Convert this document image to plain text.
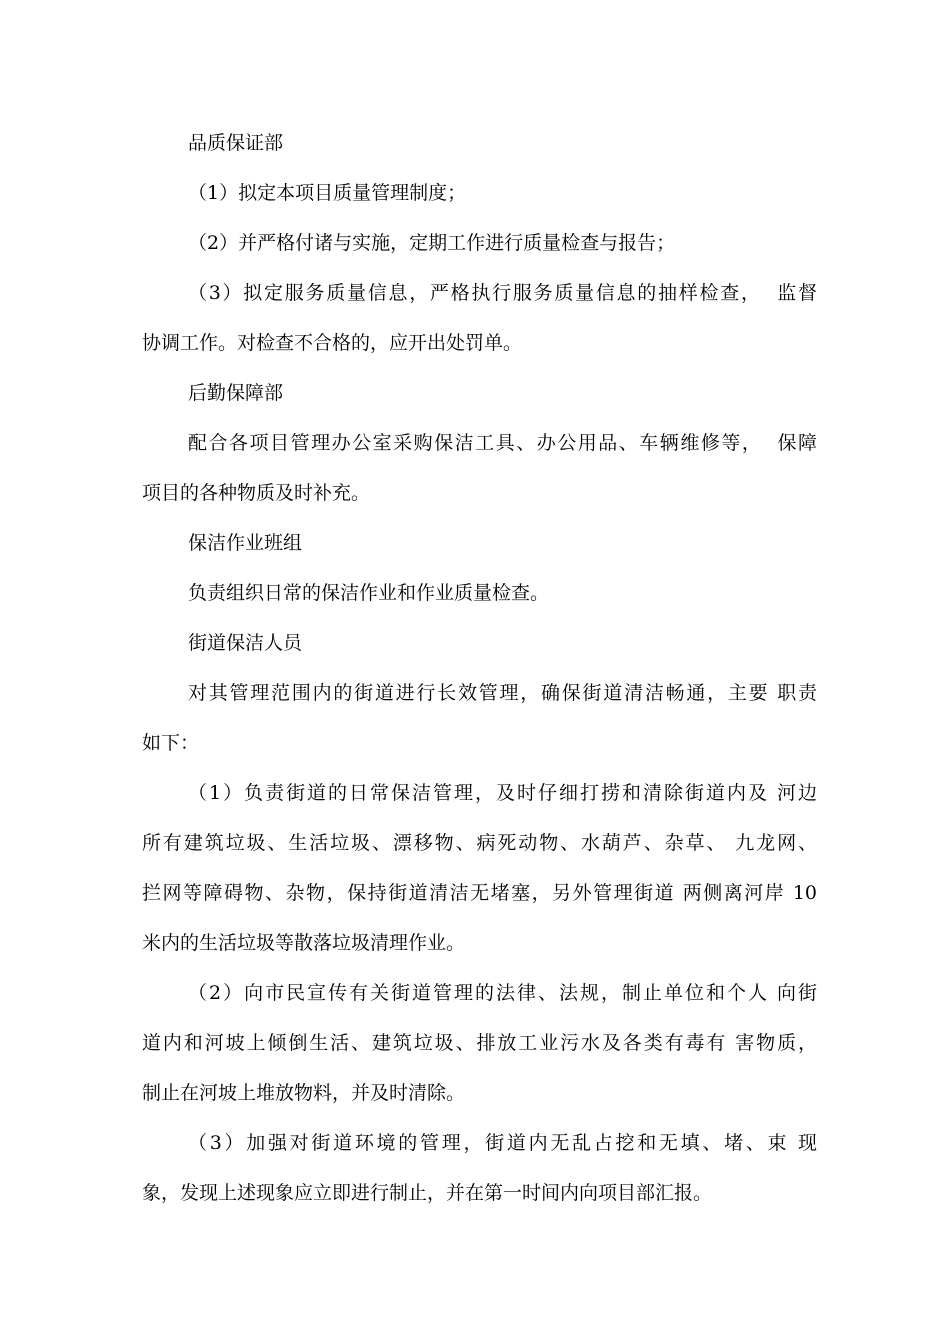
品质保证部
（1）拟定本项目质量管理制度；
（2）并严格付诸与实施，定期工作进行质量检查与报告；
（3）拟定服务质量信息，严格执行服务质量信息的抽样检查，  监督
协调工作。对检查不合格的，应开出处罚单。
后勤保障部
配合各项目管理办公室采购保洁工具、办公用品、车辆维修等，  保障
项目的各种物质及时补充。
保洁作业班组
负责组织日常的保洁作业和作业质量检查。
街道保洁人员
对其管理范围内的街道进行长效管理，确保街道清洁畅通，主要 职责
如下：
（1）负责街道的日常保洁管理，及时仔细打捞和清除街道内及 河边
所有建筑垃圾、生活垃圾、漂移物、病死动物、水葫芦、杂草、 九龙网、
拦网等障碍物、杂物，保持街道清洁无堵塞，另外管理街道 两侧离河岸 10
米内的生活垃圾等散落垃圾清理作业。
（2）向市民宣传有关街道管理的法律、法规，制止单位和个人 向街
道内和河坡上倾倒生活、建筑垃圾、排放工业污水及各类有毒有 害物质，
制止在河坡上堆放物料，并及时清除。
（3）加强对街道环境的管理，街道内无乱占挖和无填、堵、束 现
象，发现上述现象应立即进行制止，并在第一时间内向项目部汇报。
